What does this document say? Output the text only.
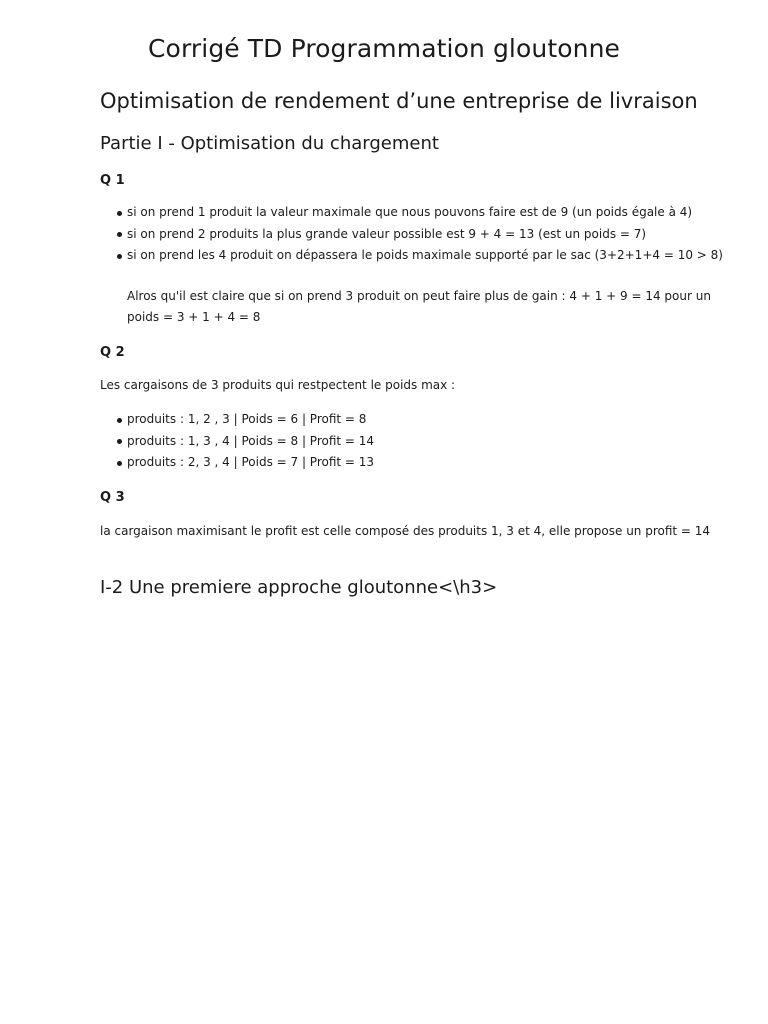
Corrigé TD Programmation gloutonne
Optimisation de rendement d’une entreprise de livraison
Partie I - Optimisation du chargement
Q 1
si on prend 1 produit la valeur maximale que nous pouvons faire est de 9 (un poids égale à 4)
si on prend 2 produits la plus grande valeur possible est 9 + 4 = 13 (est un poids = 7)
si on prend les 4 produit on dépassera le poids maximale supporté par le sac (3+2+1+4 = 10 > 8)

Alros qu'il est claire que si on prend 3 produit on peut faire plus de gain : 4 + 1 + 9 = 14 pour un poids = 3 + 1 + 4 = 8

Q 2

Les cargaisons de 3 produits qui restpectent le poids max :

produits : 1, 2 , 3 | Poids = 6 | Profit = 8
produits : 1, 3 , 4 | Poids = 8 | Profit = 14
produits : 2, 3 , 4 | Poids = 7 | Profit = 13
Q 3

la cargaison maximisant le profit est celle composé des produits 1, 3 et 4, elle propose un profit = 14

I-2 Une premiere approche gloutonne<\h3>
